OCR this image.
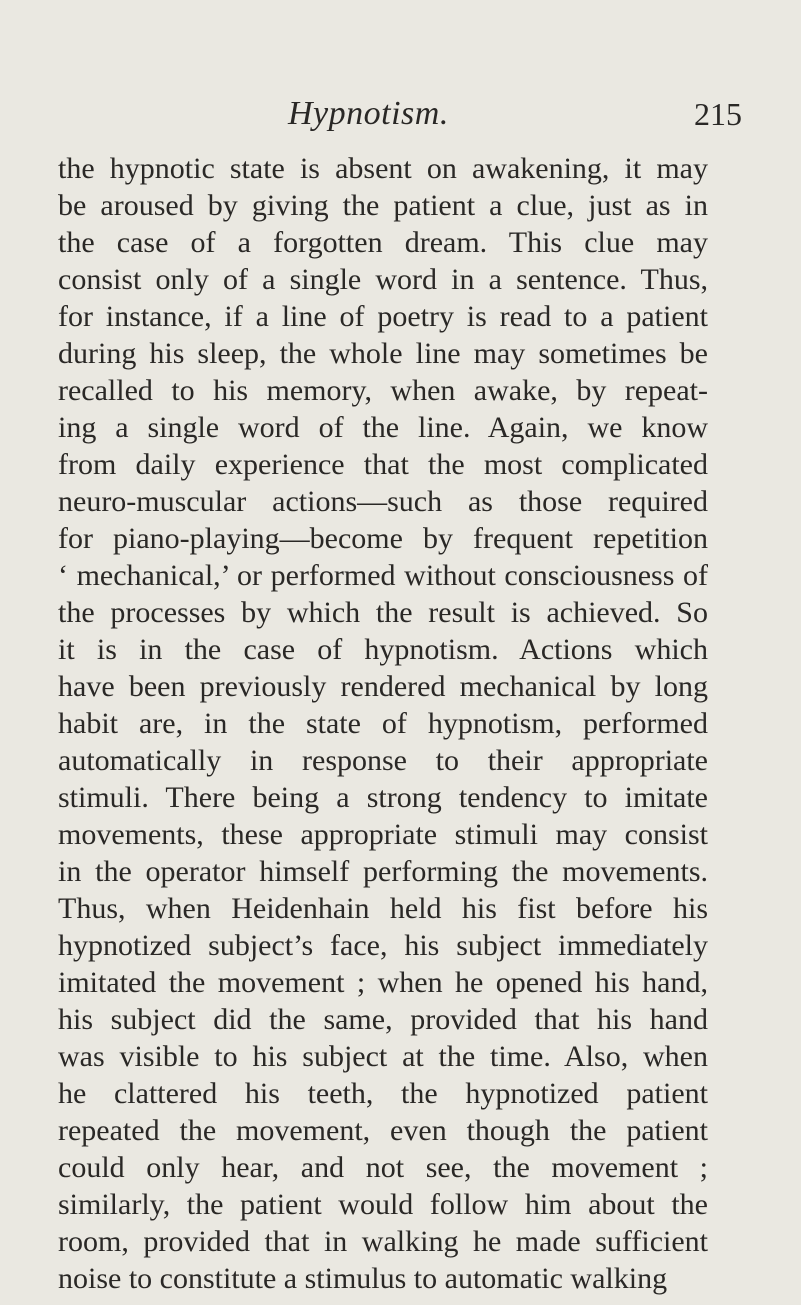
Hypnotism.	215
the hypnotic state is absent on awakening, it may
be aroused by giving the patient a clue, just as in
the case of a forgotten dream. This clue may
consist only of a single word in a sentence. Thus,
for instance, if a line of poetry is read to a patient
during his sleep, the whole line may sometimes be
recalled to his memory, when awake, by repeat-
ing a single word of the line. Again, we know
from daily experience that the most complicated
neuro-muscular actions—such as those required
for piano-playing—become by frequent repetition
‘ mechanical,’ or performed without consciousness of
the processes by which the result is achieved. So
it is in the case of hypnotism. Actions which
have been previously rendered mechanical by long
habit are, in the state of hypnotism, performed
automatically in response to their appropriate
stimuli. There being a strong tendency to imitate
movements, these appropriate stimuli may consist
in the operator himself performing the movements.
Thus, when Heidenhain held his fist before his
hypnotized subject’s face, his subject immediately
imitated the movement ; when he opened his hand,
his subject did the same, provided that his hand
was visible to his subject at the time. Also, when
he clattered his teeth, the hypnotized patient
repeated the movement, even though the patient
could only hear, and not see, the movement ;
similarly, the patient would follow him about the
room, provided that in walking he made sufficient
noise to constitute a stimulus to automatic walking
